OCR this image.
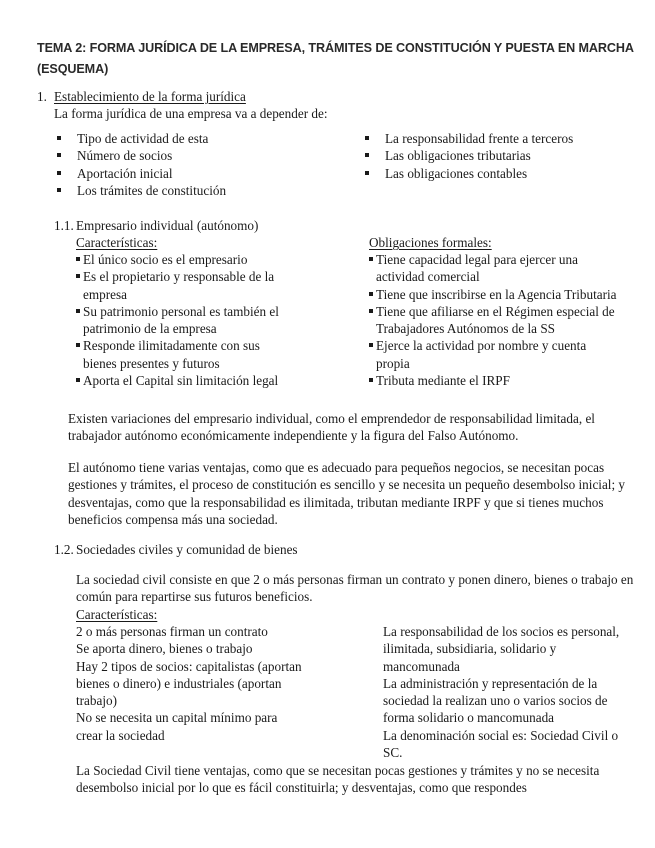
TEMA 2: FORMA JURÍDICA DE LA EMPRESA, TRÁMITES DE CONSTITUCIÓN Y PUESTA EN MARCHA (ESQUEMA)
1. Establecimiento de la forma jurídica
La forma jurídica de una empresa va a depender de:
Tipo de actividad de esta
Número de socios
Aportación inicial
Los trámites de constitución
La responsabilidad frente a terceros
Las obligaciones tributarias
Las obligaciones contables
1.1. Empresario individual (autónomo)
Características:
El único socio es el empresario
Es el propietario y responsable de la empresa
Su patrimonio personal es también el patrimonio de la empresa
Responde ilimitadamente con sus bienes presentes y futuros
Aporta el Capital sin limitación legal
Obligaciones formales:
Tiene capacidad legal para ejercer una actividad comercial
Tiene que inscribirse en la Agencia Tributaria
Tiene que afiliarse en el Régimen especial de Trabajadores Autónomos de la SS
Ejerce la actividad por nombre y cuenta propia
Tributa mediante el IRPF

Existen variaciones del empresario individual, como el emprendedor de responsabilidad limitada, el trabajador autónomo económicamente independiente y la figura del Falso Autónomo.

El autónomo tiene varias ventajas, como que es adecuado para pequeños negocios, se necesitan pocas gestiones y trámites, el proceso de constitución es sencillo y se necesita un pequeño desembolso inicial; y desventajas, como que la responsabilidad es ilimitada, tributan mediante IRPF y que si tienes muchos beneficios compensa más una sociedad.

1.2. Sociedades civiles y comunidad de bienes

La sociedad civil consiste en que 2 o más personas firman un contrato y ponen dinero, bienes o trabajo en común para repartirse sus futuros beneficios.

Características:
2 o más personas firman un contrato
Se aporta dinero, bienes o trabajo
Hay 2 tipos de socios: capitalistas (aportan bienes o dinero) e industriales (aportan trabajo)
No se necesita un capital mínimo para crear la sociedad
La responsabilidad de los socios es personal, ilimitada, subsidiaria, solidario y mancomunada
La administración y representación de la sociedad la realizan uno o varios socios de forma solidario o mancomunada
La denominación social es: Sociedad Civil o SC.

La Sociedad Civil tiene ventajas, como que se necesitan pocas gestiones y trámites y no se necesita desembolso inicial por lo que es fácil constituirla; y desventajas, como que respondes
